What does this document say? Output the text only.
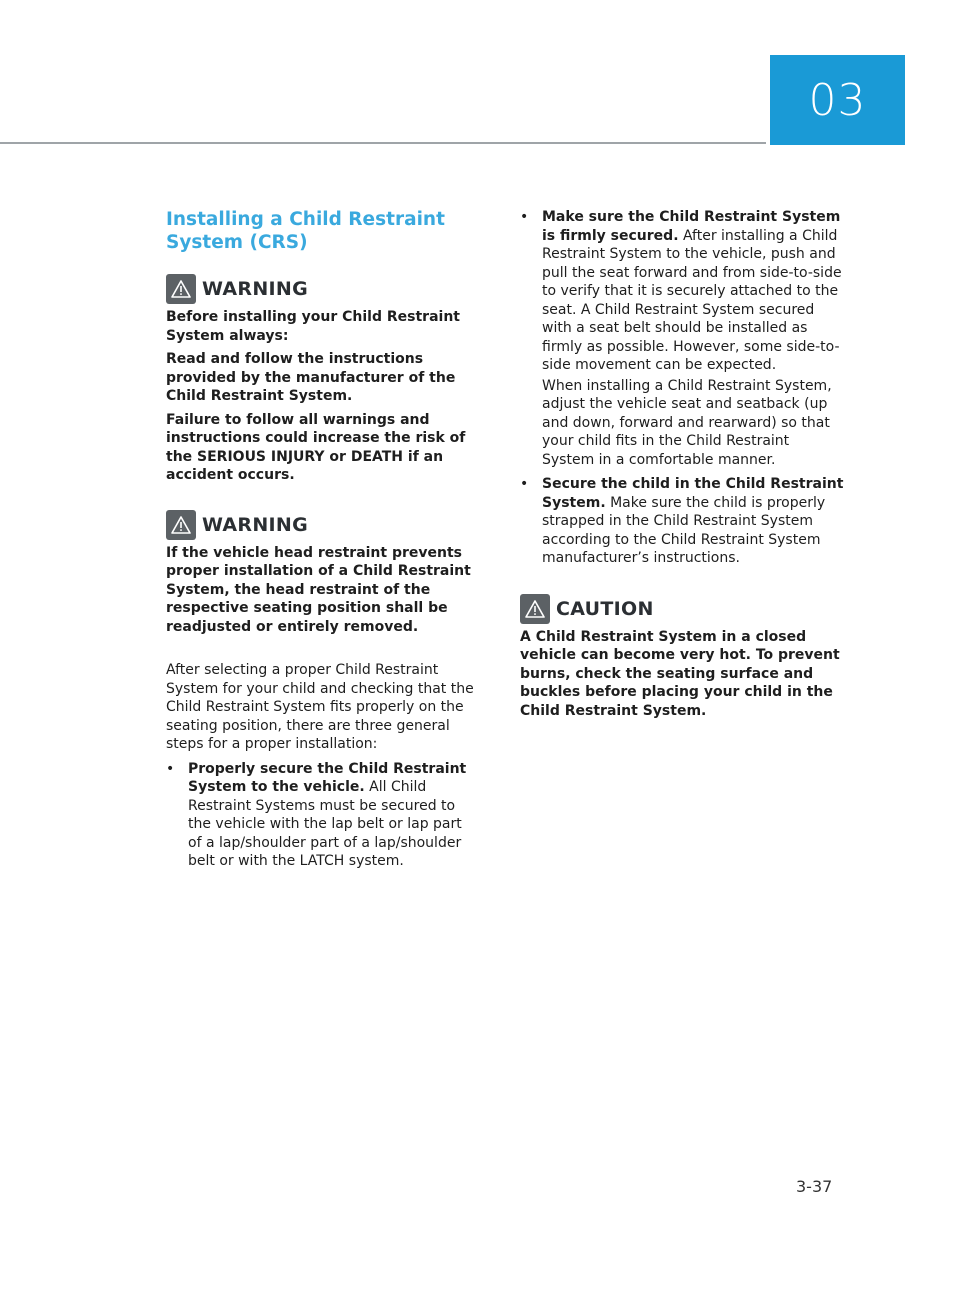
03
Installing a Child Restraint System (CRS)
WARNING

Before installing your Child Restraint System always:

Read and follow the instructions provided by the manufacturer of the Child Restraint System.

Failure to follow all warnings and instructions could increase the risk of the SERIOUS INJURY or DEATH if an accident occurs.

WARNING

If the vehicle head restraint prevents proper installation of a Child Restraint System, the head restraint of the respective seating position shall be readjusted or entirely removed.

After selecting a proper Child Restraint System for your child and checking that the Child Restraint System fits properly on the seating position, there are three general steps for a proper installation:

• Properly secure the Child Restraint System to the vehicle. All Child Restraint Systems must be secured to the vehicle with the lap belt or lap part of a lap/shoulder part of a lap/shoulder belt or with the LATCH system.
• Make sure the Child Restraint System is firmly secured. After installing a Child Restraint System to the vehicle, push and pull the seat forward and from side-to-side to verify that it is securely attached to the seat. A Child Restraint System secured with a seat belt should be installed as firmly as possible. However, some side-to-side movement can be expected.

When installing a Child Restraint System, adjust the vehicle seat and seatback (up and down, forward and rearward) so that your child fits in the Child Restraint System in a comfortable manner.

• Secure the child in the Child Restraint System. Make sure the child is properly strapped in the Child Restraint System according to the Child Restraint System manufacturer’s instructions.
CAUTION

A Child Restraint System in a closed vehicle can become very hot. To prevent burns, check the seating surface and buckles before placing your child in the Child Restraint System.

3-37
